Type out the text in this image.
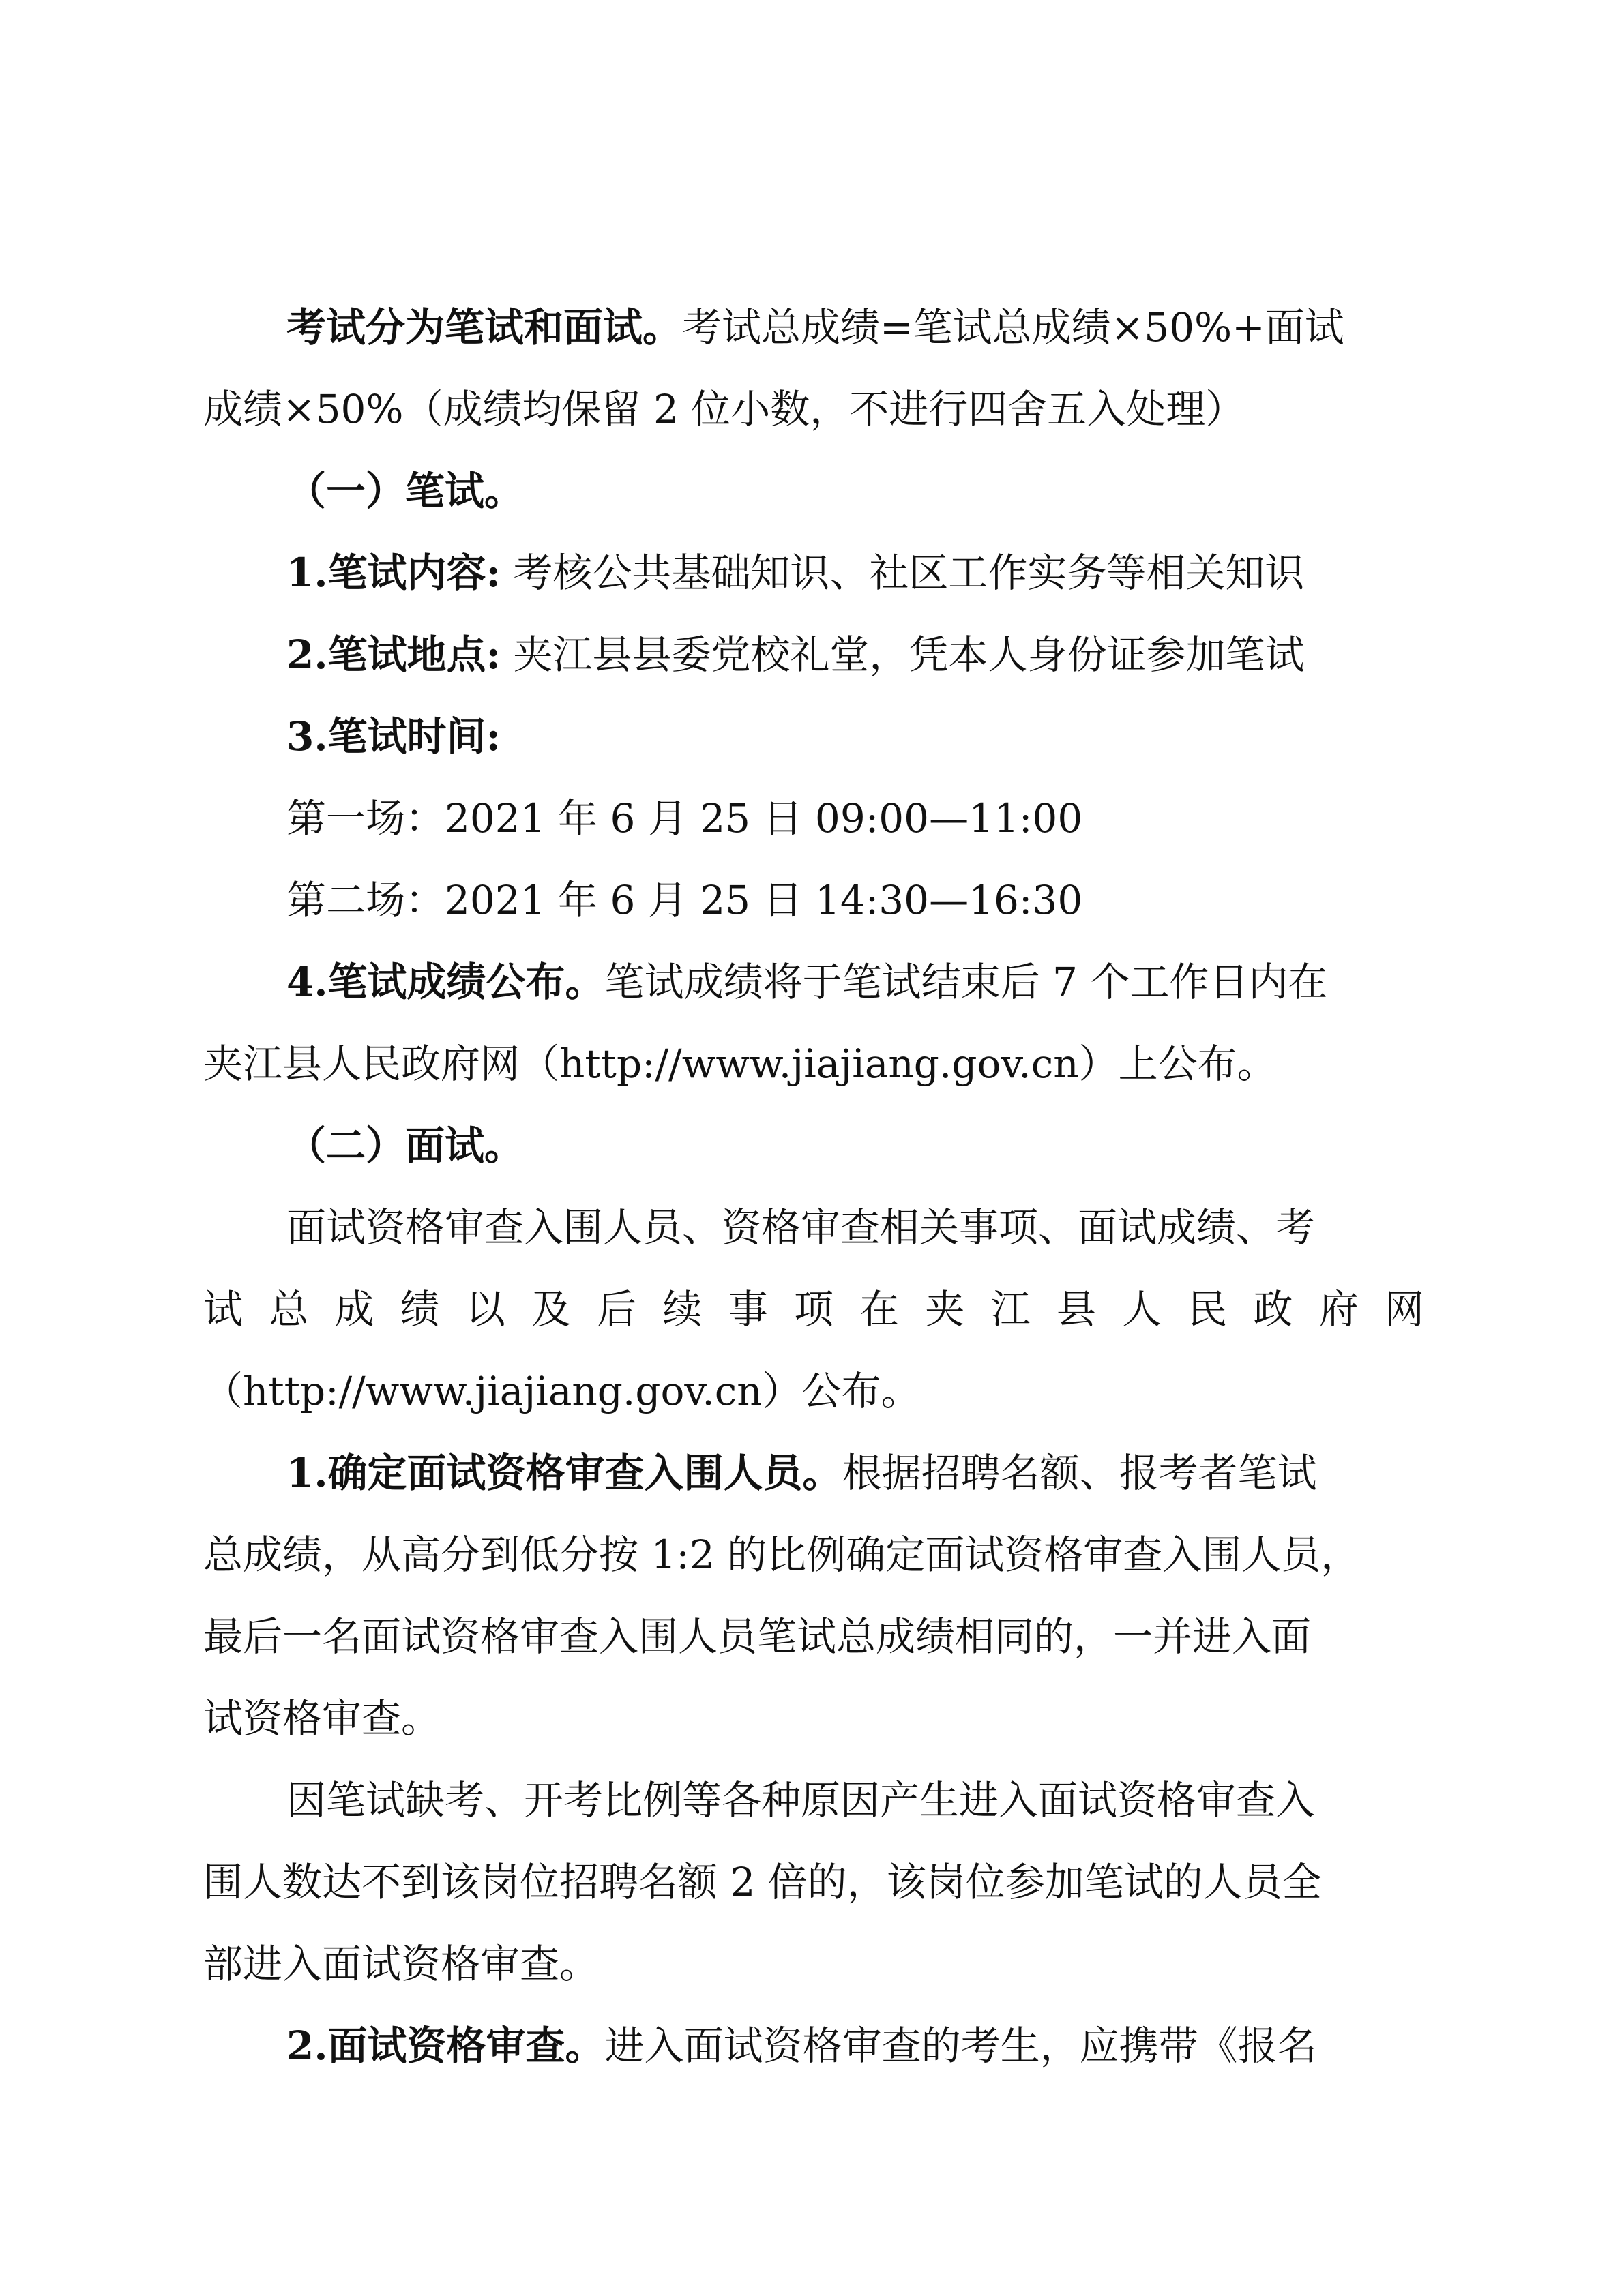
考试分为笔试和面试。考试总成绩=笔试总成绩×50%+面试
成绩×50%（成绩均保留 2 位小数，不进行四舍五入处理）
（一）笔试。
1.笔试内容: 考核公共基础知识、社区工作实务等相关知识
2.笔试地点: 夹江县县委党校礼堂，凭本人身份证参加笔试
3.笔试时间:
第一场：2021 年 6 月 25 日 09:00—11:00
第二场：2021 年 6 月 25 日 14:30—16:30
4.笔试成绩公布。笔试成绩将于笔试结束后 7 个工作日内在
夹江县人民政府网（http://www.jiajiang.gov.cn）上公布。
（二）面试。
面试资格审查入围人员、资格审查相关事项、面试成绩、考
试总成绩以及后续事项在夹江县人民政府网
（http://www.jiajiang.gov.cn）公布。
1.确定面试资格审查入围人员。根据招聘名额、报考者笔试
总成绩，从高分到低分按 1:2 的比例确定面试资格审查入围人员，
最后一名面试资格审查入围人员笔试总成绩相同的，一并进入面
试资格审查。
因笔试缺考、开考比例等各种原因产生进入面试资格审查入
围人数达不到该岗位招聘名额 2 倍的，该岗位参加笔试的人员全
部进入面试资格审查。
2.面试资格审查。进入面试资格审查的考生，应携带《报名
